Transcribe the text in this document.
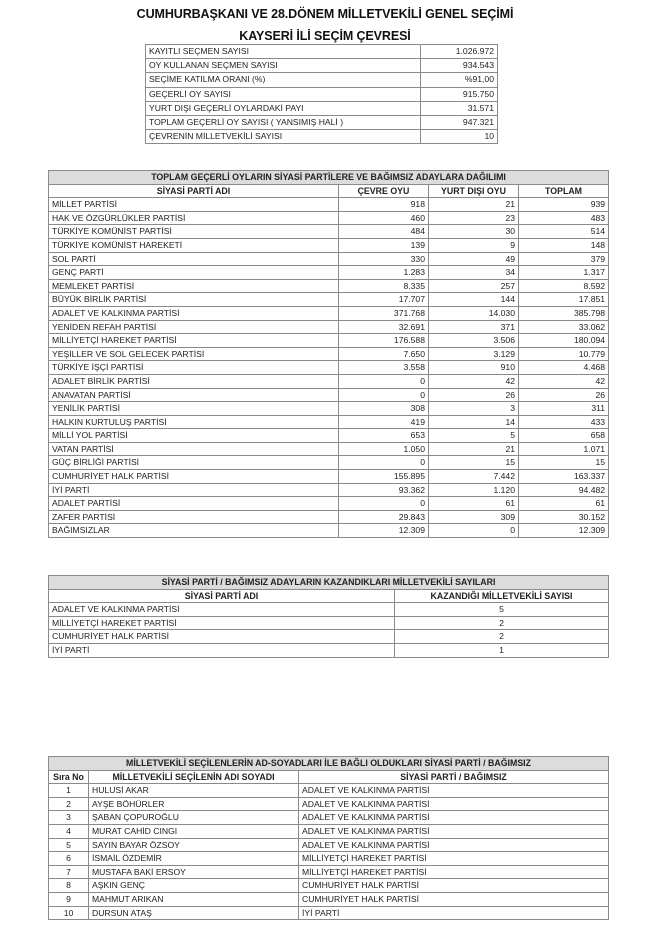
CUMHURBAŞKANI VE 28.DÖNEM MİLLETVEKİLİ GENEL SEÇİMİ
KAYSERİ İLİ SEÇİM ÇEVRESİ
KAYITLI SEÇMEN SAYISI	1.026.972
OY KULLANAN SEÇMEN SAYISI	934.543
SEÇİME KATILMA ORANI (%)	%91,00
GEÇERLİ OY SAYISI	915.750
YURT DIŞI GEÇERLİ OYLARDAKİ PAYI	31.571
TOPLAM GEÇERLİ OY SAYISI ( YANSIMIŞ HALİ )	947.321
ÇEVRENİN MİLLETVEKİLİ SAYISI	10
TOPLAM GEÇERLİ OYLARIN SİYASİ PARTİLERE VE BAĞIMSIZ ADAYLARA DAĞILIMI			
SİYASİ PARTİ ADI	ÇEVRE OYU	YURT DIŞI OYU	TOPLAM
MİLLET PARTİSİ	918	21	939
HAK VE ÖZGÜRLÜKLER PARTİSİ	460	23	483
TÜRKİYE KOMÜNİST PARTİSİ	484	30	514
TÜRKİYE KOMÜNİST HAREKETİ	139	9	148
SOL PARTİ	330	49	379
GENÇ PARTİ	1.283	34	1.317
MEMLEKET PARTİSİ	8.335	257	8.592
BÜYÜK BİRLİK PARTİSİ	17.707	144	17.851
ADALET VE KALKINMA PARTİSİ	371.768	14.030	385.798
YENİDEN REFAH PARTİSİ	32.691	371	33.062
MİLLİYETÇİ HAREKET PARTİSİ	176.588	3.506	180.094
YEŞİLLER VE SOL GELECEK PARTİSİ	7.650	3.129	10.779
TÜRKİYE İŞÇİ PARTİSİ	3.558	910	4.468
ADALET BİRLİK PARTİSİ	0	42	42
ANAVATAN PARTİSİ	0	26	26
YENİLİK PARTİSİ	308	3	311
HALKIN KURTULUŞ PARTİSİ	419	14	433
MİLLİ YOL PARTİSİ	653	5	658
VATAN PARTİSİ	1.050	21	1.071
GÜÇ BİRLİĞİ PARTİSİ	0	15	15
CUMHURİYET HALK PARTİSİ	155.895	7.442	163.337
İYİ PARTİ	93.362	1.120	94.482
ADALET PARTİSİ	0	61	61
ZAFER PARTİSİ	29.843	309	30.152
BAĞIMSIZLAR	12.309	0	12.309
SİYASİ PARTİ / BAĞIMSIZ ADAYLARIN KAZANDIKLARI MİLLETVEKİLİ SAYILARI	
SİYASİ PARTİ ADI	KAZANDIĞI MİLLETVEKİLİ SAYISI
ADALET VE KALKINMA PARTİSİ	5
MİLLİYETÇİ HAREKET PARTİSİ	2
CUMHURİYET HALK PARTİSİ	2
İYİ PARTİ	1
MİLLETVEKİLİ SEÇİLENLERİN AD-SOYADLARI İLE BAĞLI OLDUKLARI SİYASİ PARTİ / BAĞIMSIZ		
Sıra No	MİLLETVEKİLİ SEÇİLENİN ADI SOYADI	SİYASİ PARTİ / BAĞIMSIZ
1	HULUSİ AKAR	ADALET VE KALKINMA PARTİSİ
2	AYŞE BÖHÜRLER	ADALET VE KALKINMA PARTİSİ
3	ŞABAN ÇOPUROĞLU	ADALET VE KALKINMA PARTİSİ
4	MURAT CAHİD CINGI	ADALET VE KALKINMA PARTİSİ
5	SAYIN BAYAR ÖZSOY	ADALET VE KALKINMA PARTİSİ
6	İSMAİL ÖZDEMİR	MİLLİYETÇİ HAREKET PARTİSİ
7	MUSTAFA BAKİ ERSOY	MİLLİYETÇİ HAREKET PARTİSİ
8	AŞKIN GENÇ	CUMHURİYET HALK PARTİSİ
9	MAHMUT ARIKAN	CUMHURİYET HALK PARTİSİ
10	DURSUN ATAŞ	İYİ PARTİ
